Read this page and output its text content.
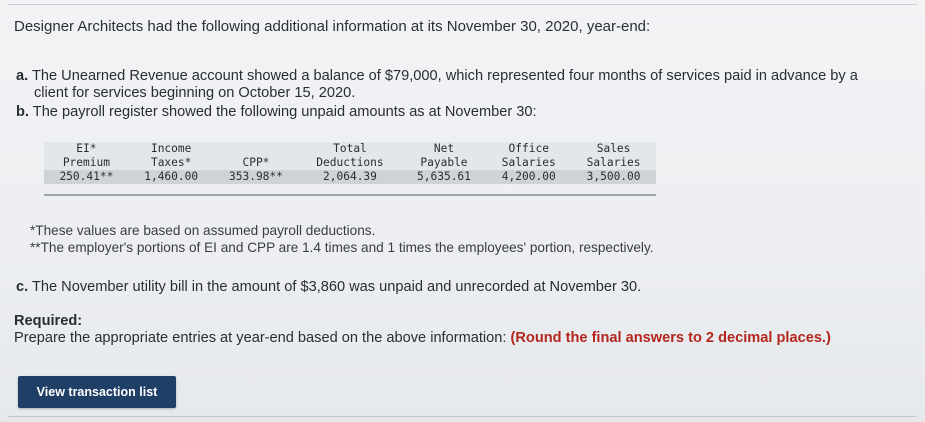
Designer Architects had the following additional information at its November 30, 2020, year-end:
a. The Unearned Revenue account showed a balance of $79,000, which represented four months of services paid in advance by a
client for services beginning on October 15, 2020.
b. The payroll register showed the following unpaid amounts as at November 30:
EI*	Income		Total	Net	Office	Sales
Premium	Taxes*	CPP*	Deductions	Payable	Salaries	Salaries
250.41**	1,460.00	353.98**	2,064.39	5,635.61	4,200.00	3,500.00
*These values are based on assumed payroll deductions.
**The employer's portions of EI and CPP are 1.4 times and 1 times the employees' portion, respectively.
c. The November utility bill in the amount of $3,860 was unpaid and unrecorded at November 30.
Required:
Prepare the appropriate entries at year-end based on the above information: (Round the final answers to 2 decimal places.)
View transaction list
